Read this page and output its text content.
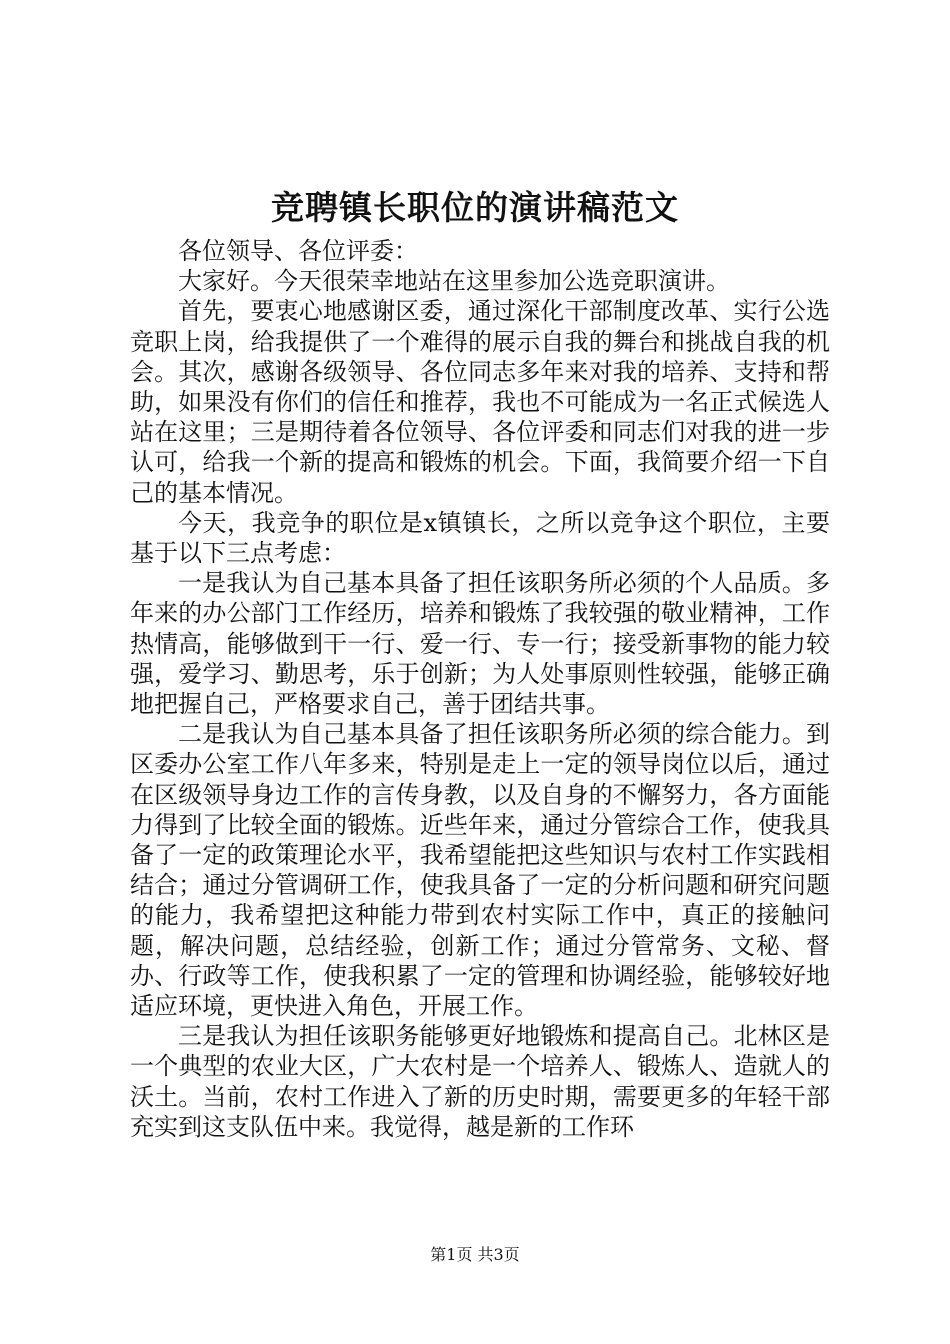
竞聘镇长职位的演讲稿范文

各位领导、各位评委：

大家好。今天很荣幸地站在这里参加公选竞职演讲。

首先，要衷心地感谢区委，通过深化干部制度改革、实行公选竞职上岗，给我提供了一个难得的展示自我的舞台和挑战自我的机会。其次，感谢各级领导、各位同志多年来对我的培养、支持和帮助，如果没有你们的信任和推荐，我也不可能成为一名正式候选人站在这里；三是期待着各位领导、各位评委和同志们对我的进一步认可，给我一个新的提高和锻炼的机会。下面，我简要介绍一下自己的基本情况。

今天，我竞争的职位是x镇镇长，之所以竞争这个职位，主要基于以下三点考虑：

一是我认为自己基本具备了担任该职务所必须的个人品质。多年来的办公部门工作经历，培养和锻炼了我较强的敬业精神，工作热情高，能够做到干一行、爱一行、专一行；接受新事物的能力较强，爱学习、勤思考，乐于创新；为人处事原则性较强，能够正确地把握自己，严格要求自己，善于团结共事。

二是我认为自己基本具备了担任该职务所必须的综合能力。到区委办公室工作八年多来，特别是走上一定的领导岗位以后，通过在区级领导身边工作的言传身教，以及自身的不懈努力，各方面能力得到了比较全面的锻炼。近些年来，通过分管综合工作，使我具备了一定的政策理论水平，我希望能把这些知识与农村工作实践相结合；通过分管调研工作，使我具备了一定的分析问题和研究问题的能力，我希望把这种能力带到农村实际工作中，真正的接触问题，解决问题，总结经验，创新工作；通过分管常务、文秘、督办、行政等工作，使我积累了一定的管理和协调经验，能够较好地适应环境，更快进入角色，开展工作。

三是我认为担任该职务能够更好地锻炼和提高自己。北林区是一个典型的农业大区，广大农村是一个培养人、锻炼人、造就人的沃土。当前，农村工作进入了新的历史时期，需要更多的年轻干部充实到这支队伍中来。我觉得，越是新的工作环

第1页 共3页
